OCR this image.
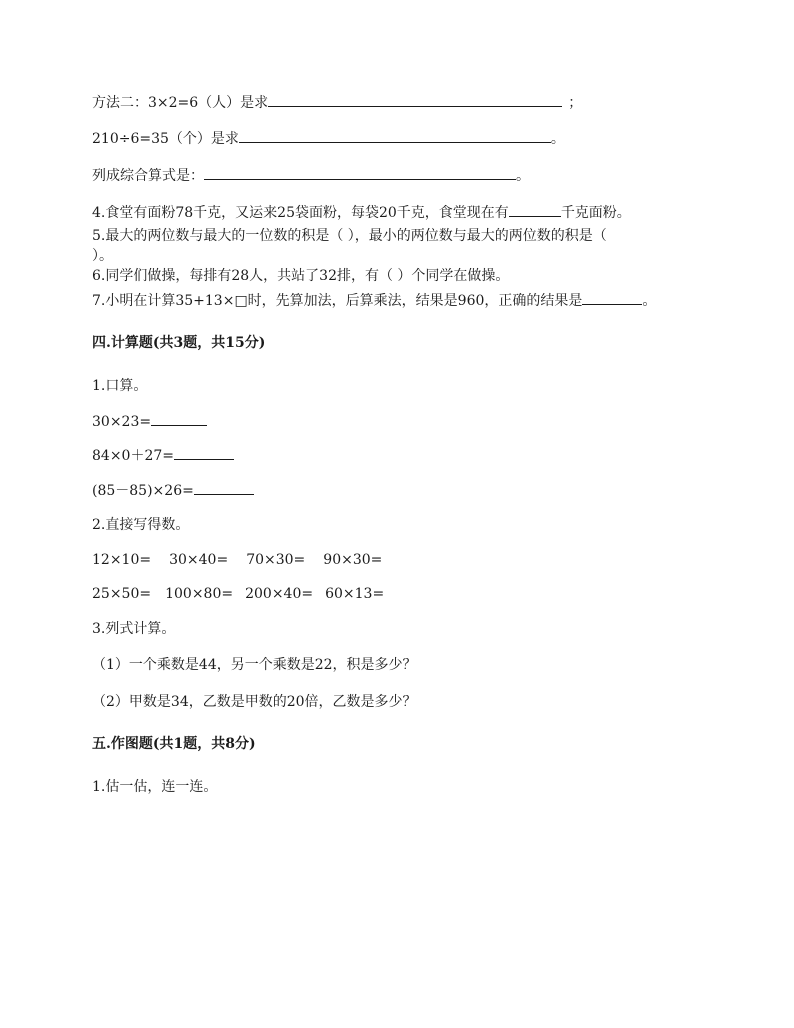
方法二：3×2=6（人）是求	；
210÷6=35（个）是求	。
列成综合算式是：	。
4.食堂有面粉78千克，又运来25袋面粉，每袋20千克，食堂现在有	千克面粉。
5.最大的两位数与最大的一位数的积是（ ），最小的两位数与最大的两位数的积是（
）。
6.同学们做操，每排有28人，共站了32排，有（ ）个同学在做操。
7.小明在计算35+13×□时，先算加法，后算乘法，结果是960，正确的结果是	。
四.计算题(共3题，共15分)
1.口算。
30×23=
84×0＋27=
(85－85)×26=
2.直接写得数。
12×10= 30×40= 70×30= 90×30=
25×50= 100×80= 200×40= 60×13=
3.列式计算。
（1）一个乘数是44，另一个乘数是22，积是多少？
（2）甲数是34，乙数是甲数的20倍，乙数是多少？
五.作图题(共1题，共8分)
1.估一估，连一连。
